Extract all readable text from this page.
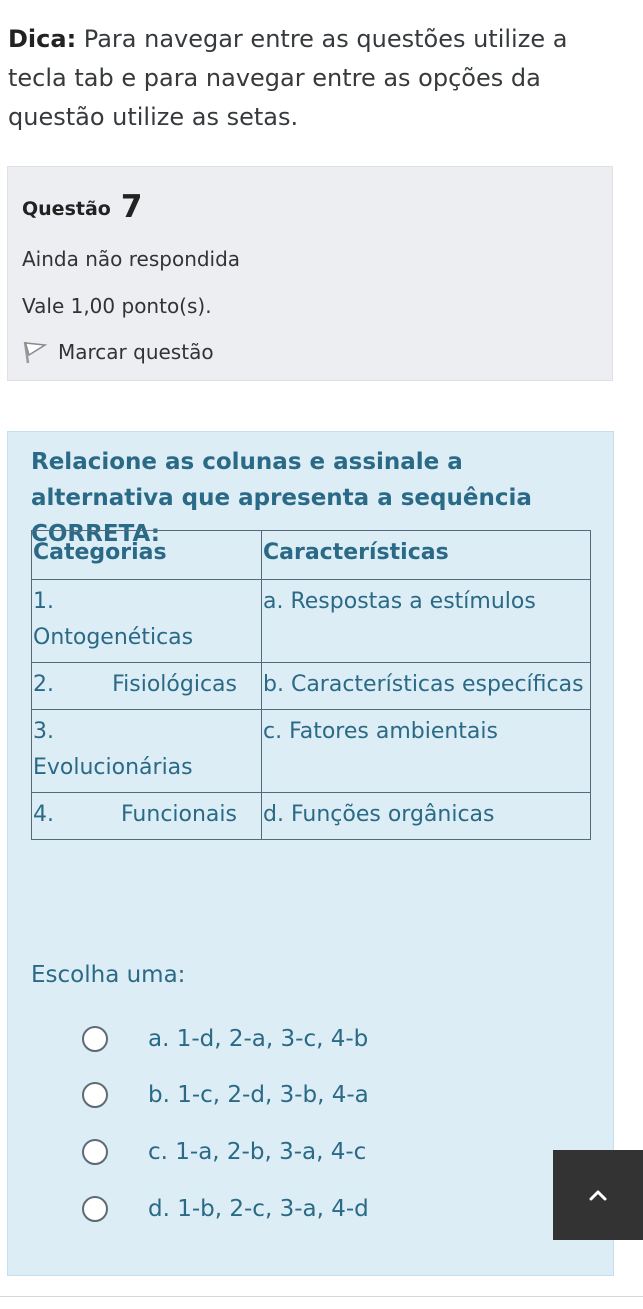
Dica: Para navegar entre as questões utilize a tecla tab e para navegar entre as opções da questão utilize as setas.
Questão 7
Ainda não respondida
Vale 1,00 ponto(s).
Marcar questão
Relacione as colunas e assinale a alternativa que apresenta a sequência CORRETA:
Categorias	Características

1.
Ontogenéticas	a. Respostas a estímulos

2. Fisiológicas	b. Características específicas

3.
Evolucionárias	c. Fatores ambientais

4. Funcionais	d. Funções orgânicas
Escolha uma:
a. 1-d, 2-a, 3-c, 4-b
b. 1-c, 2-d, 3-b, 4-a
c. 1-a, 2-b, 3-a, 4-c
d. 1-b, 2-c, 3-a, 4-d
